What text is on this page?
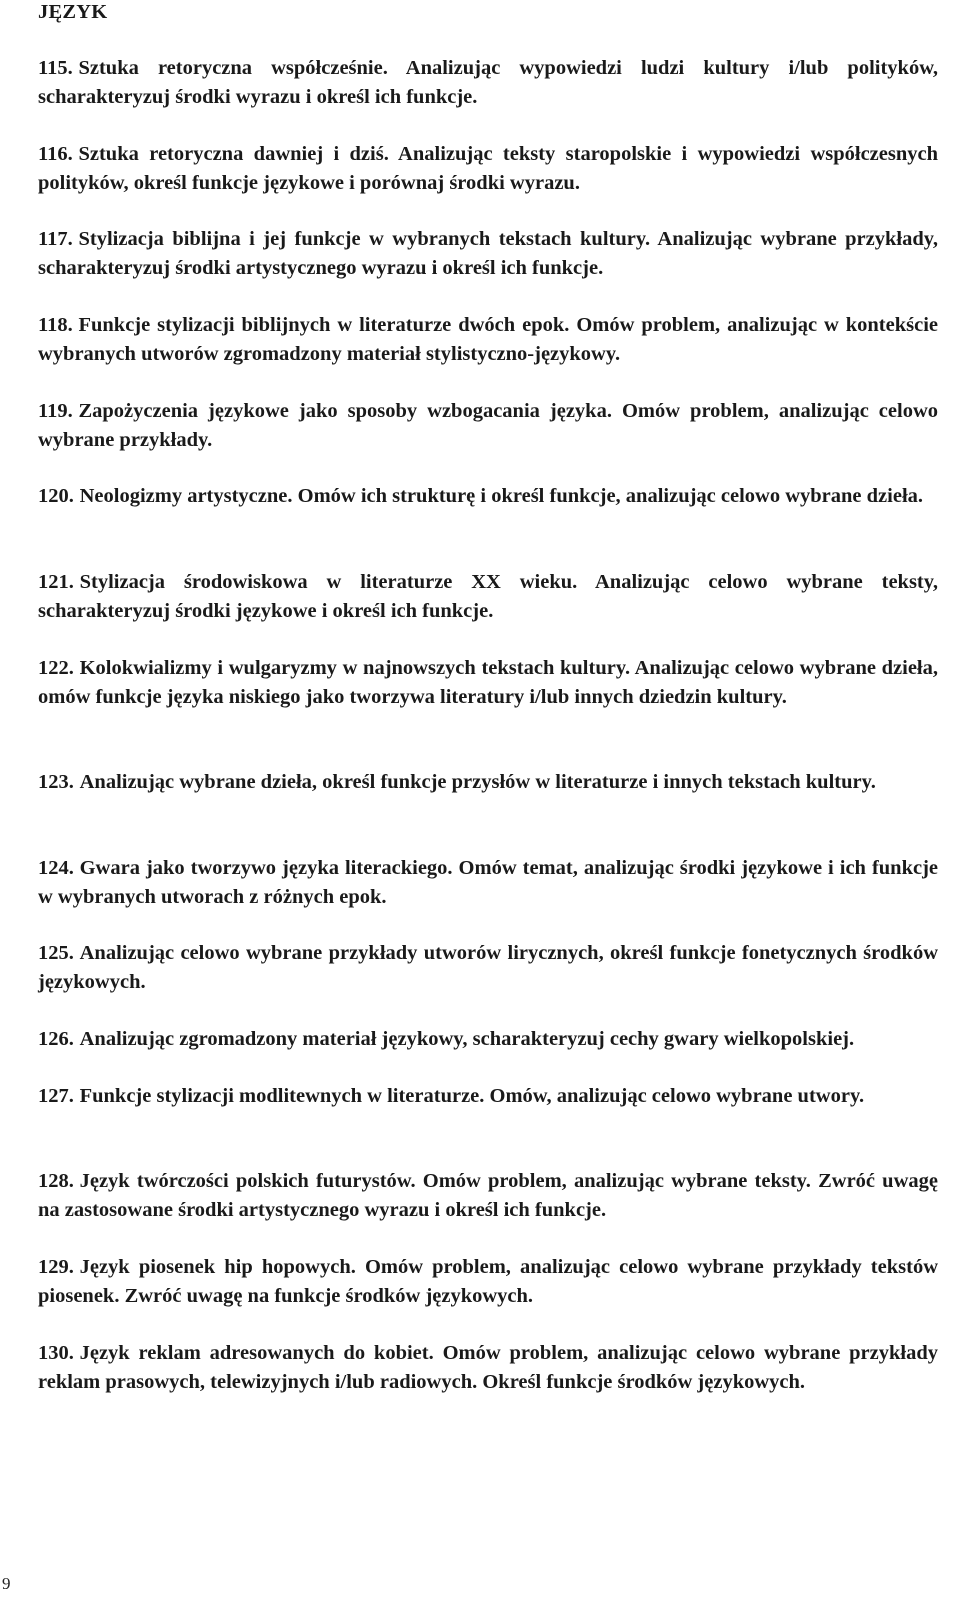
JĘZYK

115. Sztuka retoryczna współcześnie. Analizując wypowiedzi ludzi kultury i/lub polityków, scharakteryzuj środki wyrazu i określ ich funkcje.

116. Sztuka retoryczna dawniej i dziś. Analizując teksty staropolskie i wypowiedzi współczesnych polityków, określ funkcje językowe i porównaj środki wyrazu.

117. Stylizacja biblijna i jej funkcje w wybranych tekstach kultury. Analizując wybrane przykłady, scharakteryzuj środki artystycznego wyrazu i określ ich funkcje.

118. Funkcje stylizacji biblijnych w literaturze dwóch epok. Omów problem, analizując w kontekście wybranych utworów zgromadzony materiał stylistyczno-językowy.

119. Zapożyczenia językowe jako sposoby wzbogacania języka. Omów problem, analizując celowo wybrane przykłady.

120. Neologizmy artystyczne. Omów ich strukturę i określ funkcje, analizując celowo wybrane dzieła.

121. Stylizacja środowiskowa w literaturze XX wieku. Analizując celowo wybrane teksty, scharakteryzuj środki językowe i określ ich funkcje.

122. Kolokwializmy i wulgaryzmy w najnowszych tekstach kultury. Analizując celowo wybrane dzieła, omów funkcje języka niskiego jako tworzywa literatury i/lub innych dziedzin kultury.

123. Analizując wybrane dzieła, określ funkcje przysłów w literaturze i innych tekstach kultury.

124. Gwara jako tworzywo języka literackiego. Omów temat, analizując środki językowe i ich funkcje w wybranych utworach z różnych epok.

125. Analizując celowo wybrane przykłady utworów lirycznych, określ funkcje fonetycznych środków językowych.

126. Analizując zgromadzony materiał językowy, scharakteryzuj cechy gwary wielkopolskiej.

127. Funkcje stylizacji modlitewnych w literaturze. Omów, analizując celowo wybrane utwory.

128. Język twórczości polskich futurystów. Omów problem, analizując wybrane teksty. Zwróć uwagę na zastosowane środki artystycznego wyrazu i określ ich funkcje.

129. Język piosenek hip hopowych. Omów problem, analizując celowo wybrane przykłady tekstów piosenek. Zwróć uwagę na funkcje środków językowych.

130. Język reklam adresowanych do kobiet. Omów problem, analizując celowo wybrane przykłady reklam prasowych, telewizyjnych i/lub radiowych. Określ funkcje środków językowych.

9
